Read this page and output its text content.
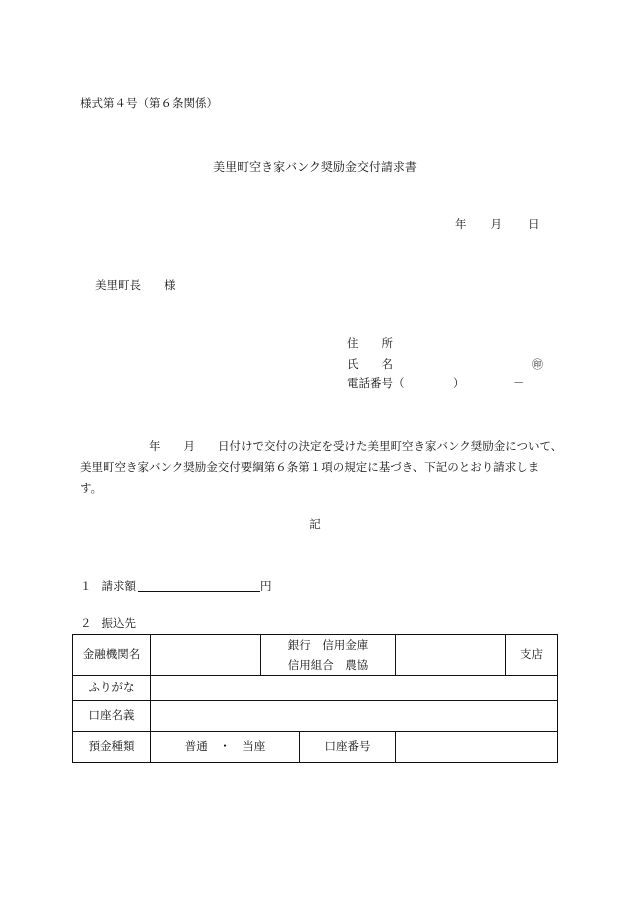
様式第４号（第６条関係）
美里町空き家バンク奨励金交付請求書
年 月 日
美里町長　　様
住　　所
氏　　名	㊞
電話番号（	）	－

　　　　　　年　　月　　日付けで交付の決定を受けた美里町空き家バンク奨励金について、

美里町空き家バンク奨励金交付要綱第６条第１項の規定に基づき、下記のとおり請求しま

す。

記
１ 請求額	円
２ 振込先
金融機関名		銀行　信用金庫
信用組合　農協			支店
ふりがな					
口座名義					
預金種類	普通　・　当座		口座番号		
